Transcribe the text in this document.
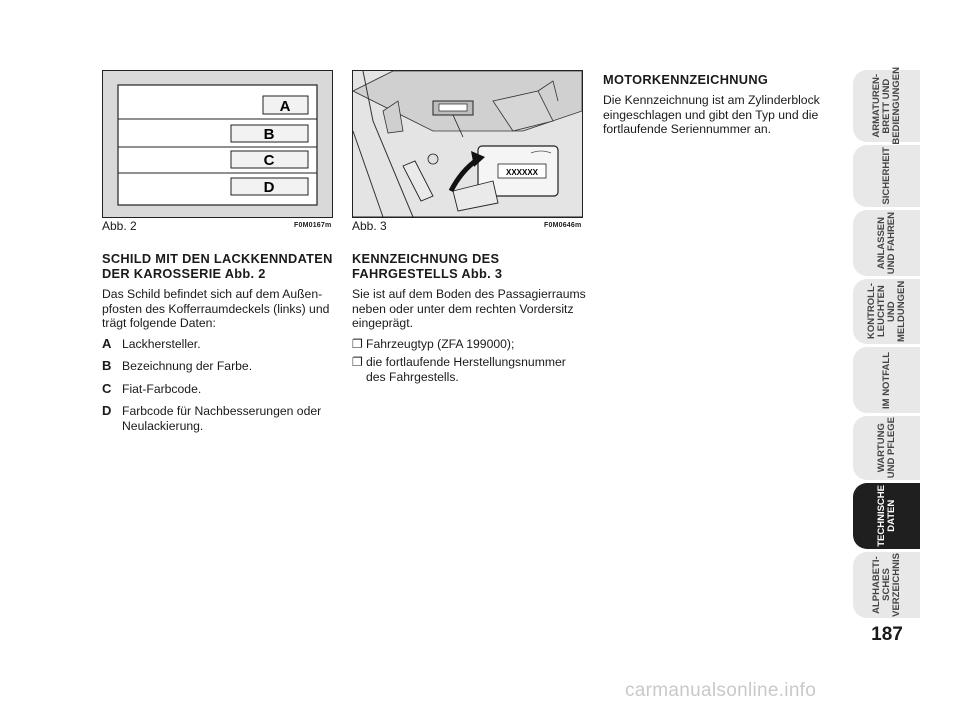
A
B
C
D
Abb. 2	F0M0167m
XXXXXX
Abb. 3	F0M0646m
SCHILD MIT DEN LACKKENNDATEN DER KAROSSERIE Abb. 2

Das Schild befindet sich auf dem Außen-pfosten des Kofferraumdeckels (links) und trägt folgende Daten:

A Lackhersteller.
B Bezeichnung der Farbe.
C Fiat-Farbcode.
D Farbcode für Nachbesserungen oder Neulackierung.
KENNZEICHNUNG DES FAHRGESTELLS Abb. 3

Sie ist auf dem Boden des Passagierraums neben oder unter dem rechten Vordersitz eingeprägt.

❐ Fahrzeugtyp (ZFA 199000);
❐ die fortlaufende Herstellungsnummer des Fahrgestells.
MOTORKENNZEICHNUNG

Die Kennzeichnung ist am Zylinderblock eingeschlagen und gibt den Typ und die fortlaufende Seriennummer an.	ARMATUREN-
BRETT UND
BEDIENGUNGEN
SICHERHEIT
ANLASSEN
UND FAHREN
KONTROLL-
LEUCHTEN UND
MELDUNGEN
IM NOTFALL
WARTUNG
UND PFLEGE
TECHNISCHE
DATEN
ALPHABETI-
SCHES
VERZEICHNIS
187
carmanualsonline.info
